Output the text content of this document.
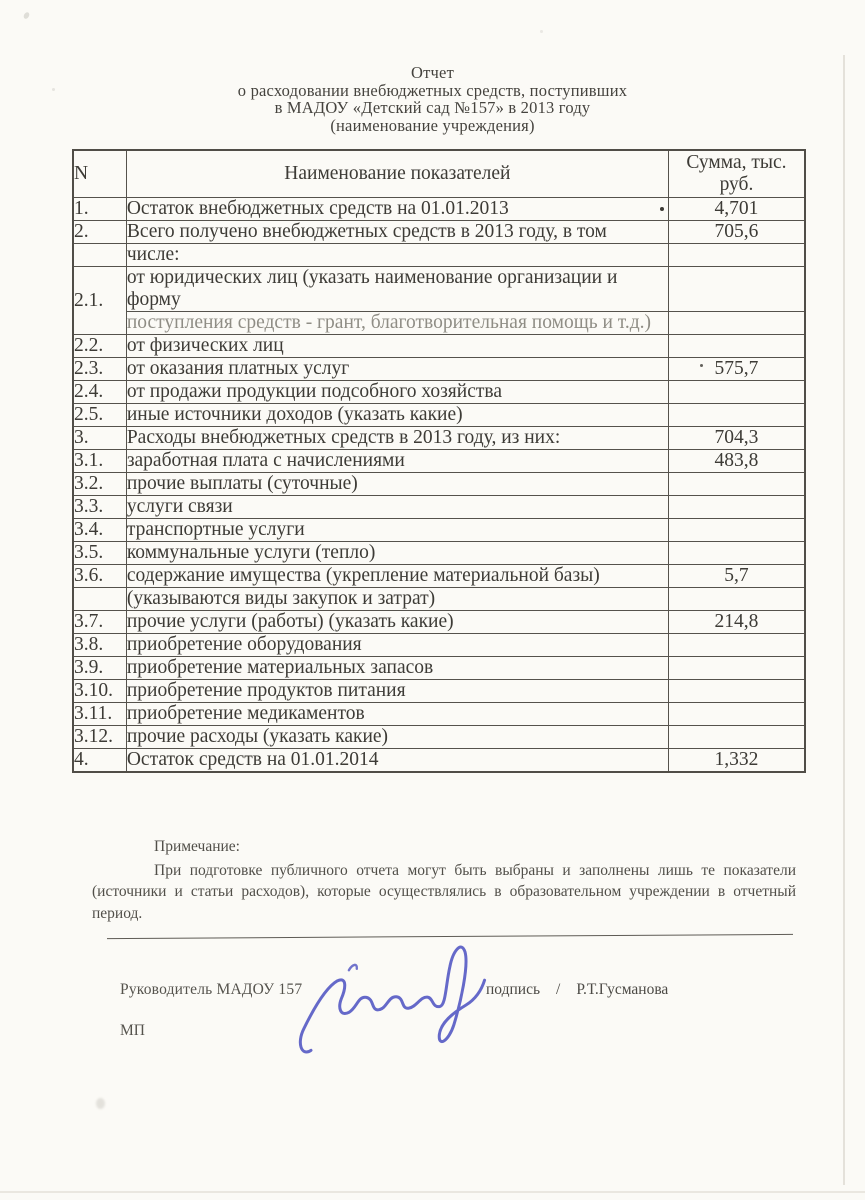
Отчет
о расходовании внебюджетных средств, поступивших
в МАДОУ «Детский сад №157» в 2013 году
(наименование учреждения)
N	Наименование показателей	Сумма, тыс. руб.
1.	Остаток внебюджетных средств на 01.01.2013	4,701
2.	Всего получено внебюджетных средств в 2013 году, в том	705,6
	числе:	
2.1.	от юридических лиц (указать наименование организации и форму	
	поступления средств - грант, благотворительная помощь и т.д.)	
2.2.	от физических лиц	
2.3.	от оказания платных услуг	575,7
2.4.	от продажи продукции подсобного хозяйства	
2.5.	иные источники доходов (указать какие)	
3.	Расходы внебюджетных средств в 2013 году, из них:	704,3
3.1.	заработная плата с начислениями	483,8
3.2.	прочие выплаты (суточные)	
3.3.	услуги связи	
3.4.	транспортные услуги	
3.5.	коммунальные услуги (тепло)	
3.6.	содержание имущества (укрепление материальной базы)	5,7
	(указываются виды закупок и затрат)	
3.7.	прочие услуги (работы) (указать какие)	214,8
3.8.	приобретение оборудования	
3.9.	приобретение материальных запасов	
3.10.	приобретение продуктов питания	
3.11.	приобретение медикаментов	
3.12.	прочие расходы (указать какие)	
4.	Остаток средств на 01.01.2014	1,332
Примечание:
При подготовке публичного отчета могут быть выбраны и заполнены лишь те показатели (источники и статьи расходов), которые осуществлялись в образовательном учреждении в отчетный период.
Руководитель МАДОУ 157	подпись / Р.Т.Гусманова
МП
